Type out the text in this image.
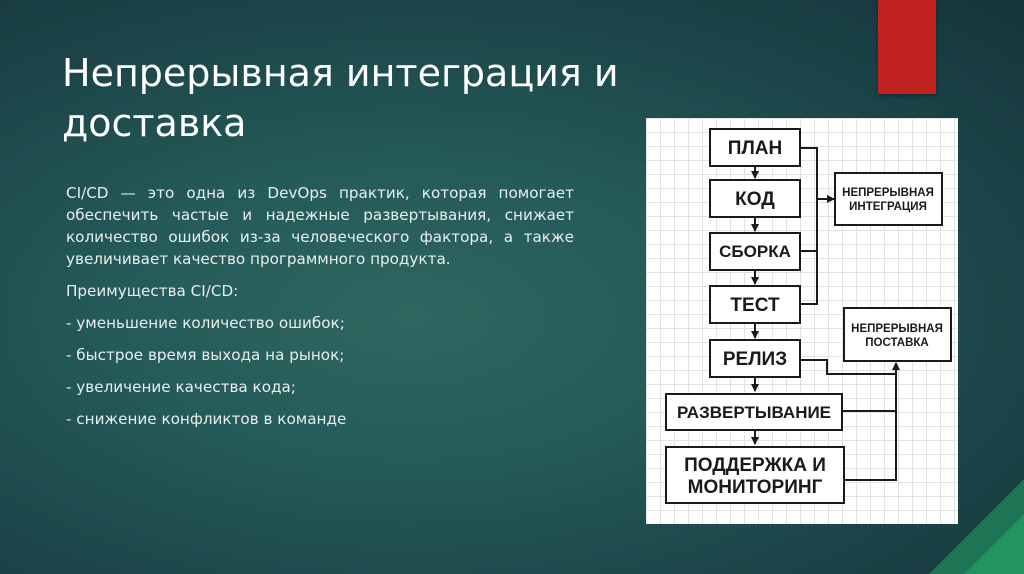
Непрерывная интеграция и доставка

CI/CD — это одна из DevOps практик, которая помогает обеспечить частые и надежные развертывания, снижает количество ошибок из-за человеческого фактора, а также увеличивает качество программного продукта.

Преимущества CI/CD:

- уменьшение количество ошибок;

- быстрое время выхода на рынок;

- увеличение качества кода;

- снижение конфликтов в команде

ПЛАН
КОД
СБОРКА
ТЕСТ
РЕЛИЗ
РАЗВЕРТЫВАНИЕ
ПОДДЕРЖКА И
МОНИТОРИНГ
НЕПРЕРЫВНАЯ
ИНТЕГРАЦИЯ
НЕПРЕРЫВНАЯ
ПОСТАВКА
